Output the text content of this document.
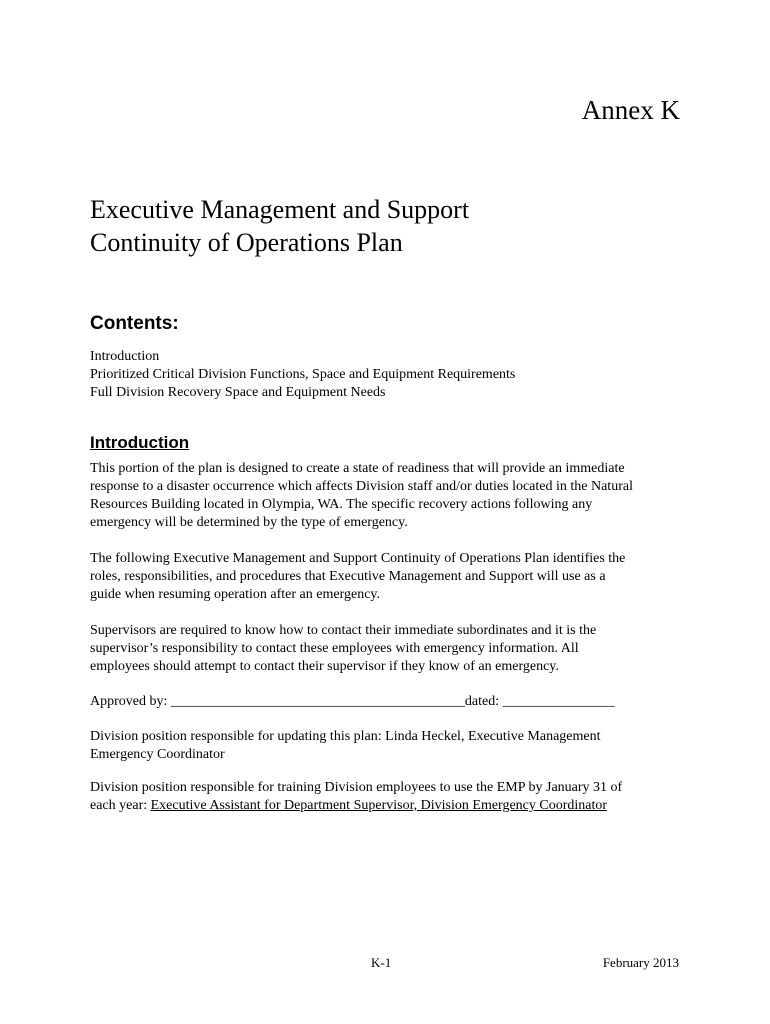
Annex K
Executive Management and Support
Continuity of Operations Plan
Contents:
Introduction
Prioritized Critical Division Functions, Space and Equipment Requirements
Full Division Recovery Space and Equipment Needs
Introduction

This portion of the plan is designed to create a state of readiness that will provide an immediate
response to a disaster occurrence which affects Division staff and/or duties located in the Natural
Resources Building located in Olympia, WA. The specific recovery actions following any
emergency will be determined by the type of emergency.

The following Executive Management and Support Continuity of Operations Plan identifies the
roles, responsibilities, and procedures that Executive Management and Support will use as a
guide when resuming operation after an emergency.

Supervisors are required to know how to contact their immediate subordinates and it is the
supervisor’s responsibility to contact these employees with emergency information. All
employees should attempt to contact their supervisor if they know of an emergency.

Approved by: __________________________________________dated: ________________

Division position responsible for updating this plan: Linda Heckel, Executive Management
Emergency Coordinator

Division position responsible for training Division employees to use the EMP by January 31 of
each year: Executive Assistant for Department Supervisor, Division Emergency Coordinator

K-1	February 2013
